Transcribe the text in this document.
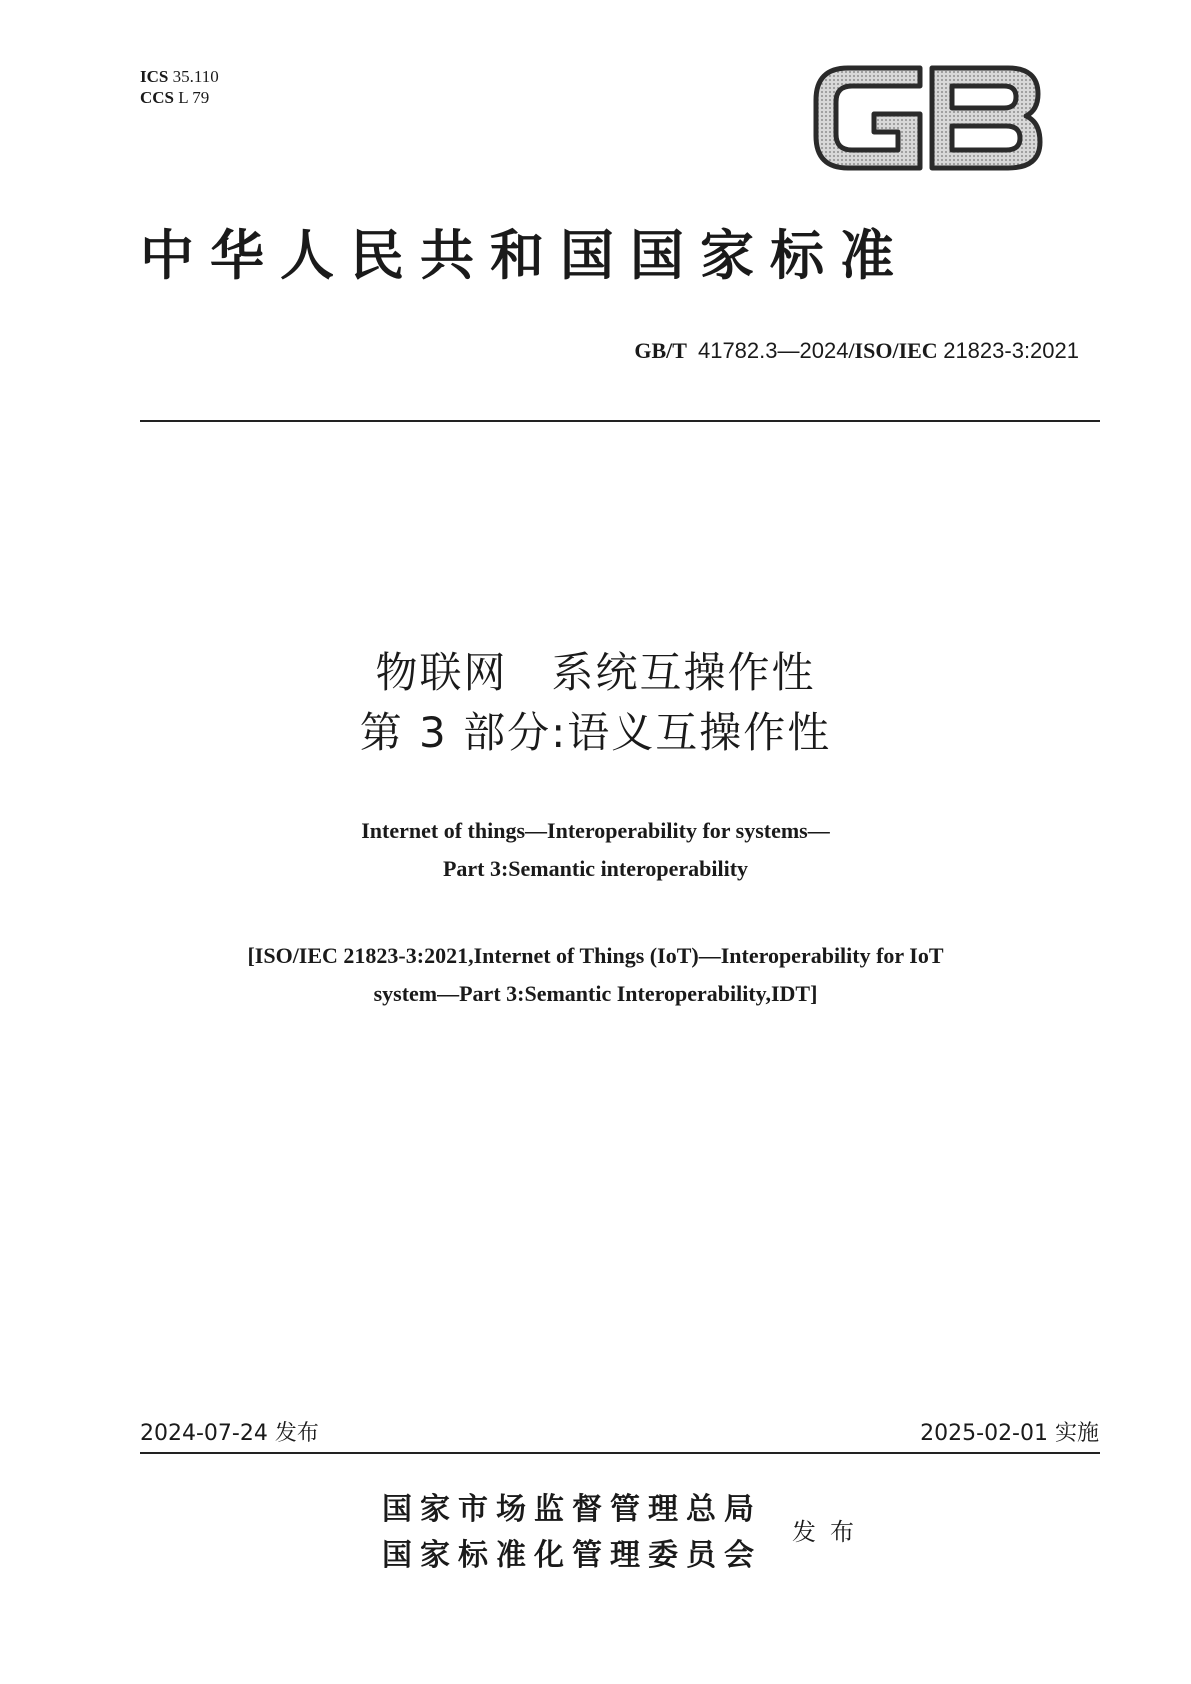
ICS 35.110
CCS L 79
中华人民共和国国家标准
GB/T 41782.3—2024/ISO/IEC 21823-3:2021
物联网　系统互操作性
第 3 部分:语义互操作性
Internet of things—Interoperability for systems—
Part 3:Semantic interoperability
[ISO/IEC 21823-3:2021,Internet of Things (IoT)—Interoperability for IoT
system—Part 3:Semantic Interoperability,IDT]
2024-07-24 发布	2025-02-01 实施
国家市场监督管理总局
国家标准化管理委员会
发布
